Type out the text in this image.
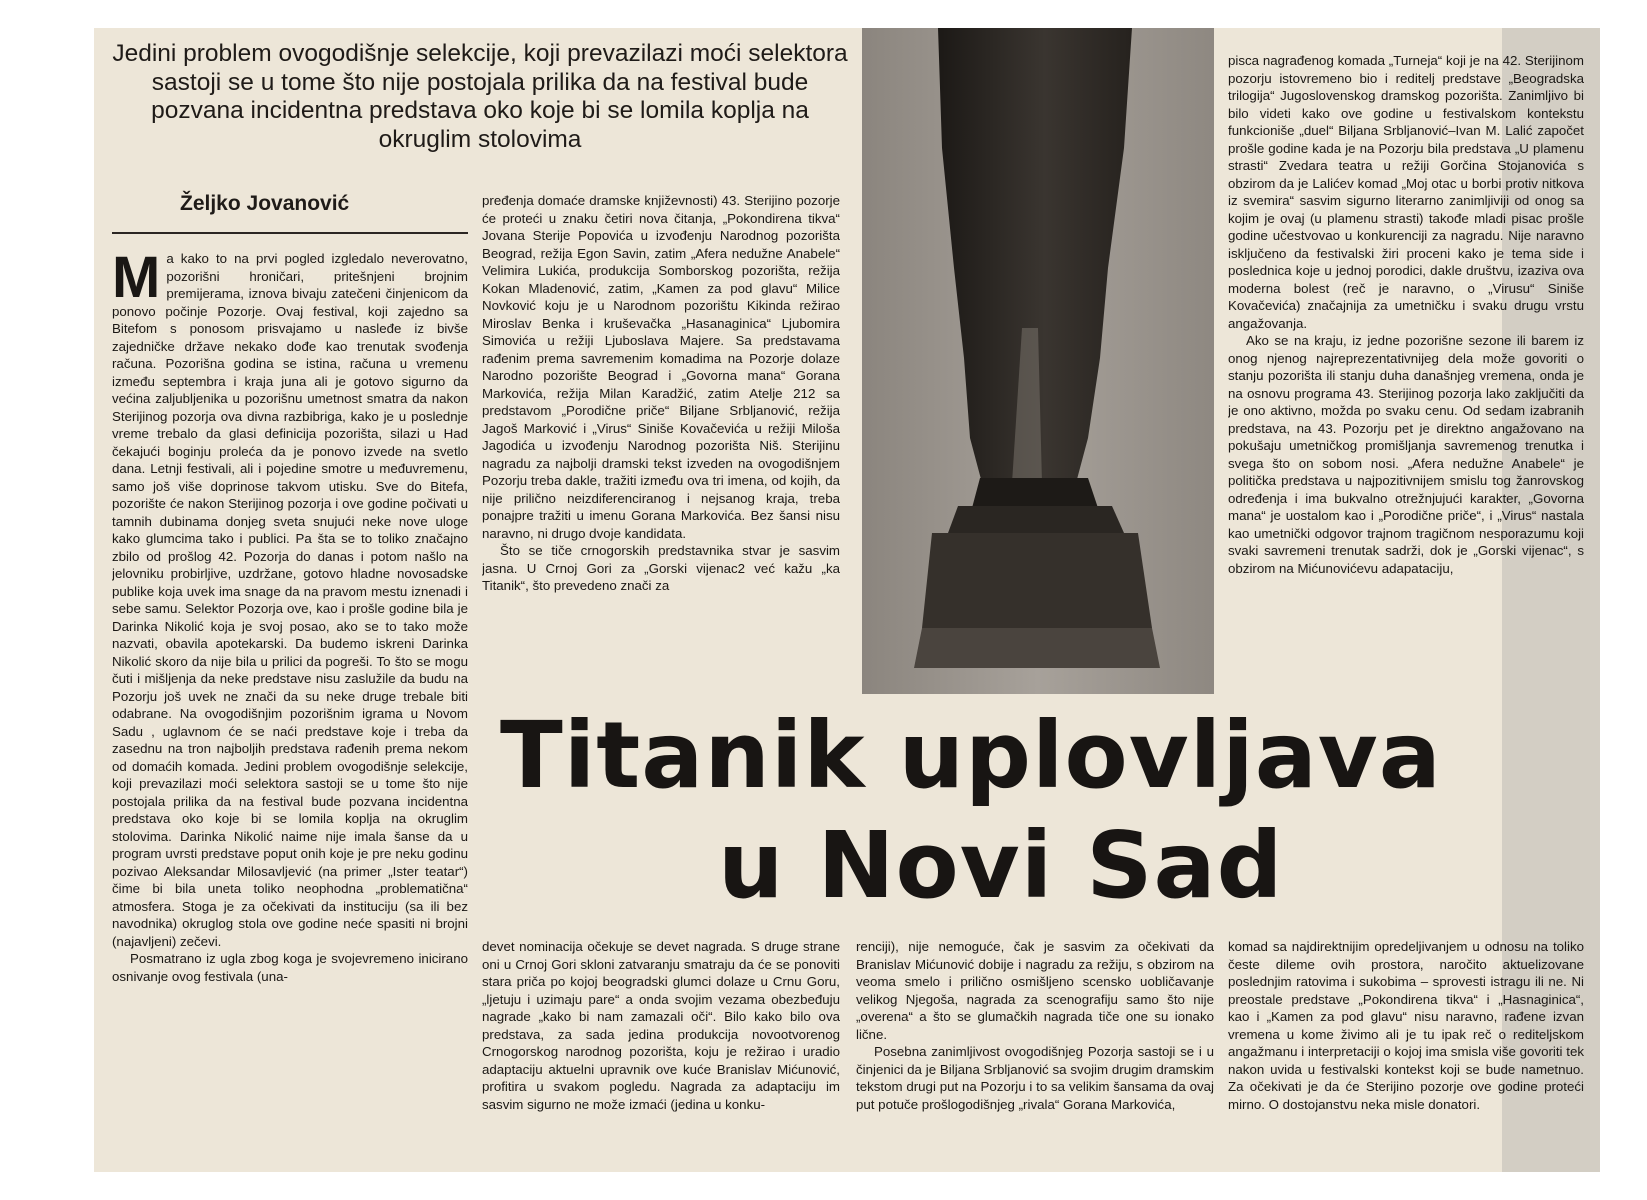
Jedini problem ovogodišnje selekcije, koji prevazilazi moći selektora sastoji se u tome što nije postojala prilika da na festival bude pozvana incidentna predstava oko koje bi se lomila koplja na okruglim stolovima
Željko Jovanović

Ma kako to na prvi pogled izgledalo neverovatno, pozorišni hroničari, pritešnjeni brojnim premijerama, iznova bivaju zatečeni činjenicom da ponovo počinje Pozorje. Ovaj festival, koji zajedno sa Bitefom s ponosom prisvajamo u nasleđe iz bivše zajedničke države nekako dođe kao trenutak svođenja računa. Pozorišna godina se istina, računa u vremenu između septembra i kraja juna ali je gotovo sigurno da većina zaljubljenika u pozorišnu umetnost smatra da nakon Sterijinog pozorja ova divna razbibriga, kako je u poslednje vreme trebalo da glasi definicija pozorišta, silazi u Had čekajući boginju proleća da je ponovo izvede na svetlo dana. Letnji festivali, ali i pojedine smotre u međuvremenu, samo još više doprinose takvom utisku. Sve do Bitefa, pozorište će nakon Sterijinog pozorja i ove godine počivati u tamnih dubinama donjeg sveta snujući neke nove uloge kako glumcima tako i publici. Pa šta se to toliko značajno zbilo od prošlog 42. Pozorja do danas i potom našlo na jelovniku probirljive, uzdržane, gotovo hladne novosadske publike koja uvek ima snage da na pravom mestu iznenadi i sebe samu. Selektor Pozorja ove, kao i prošle godine bila je Darinka Nikolić koja je svoj posao, ako se to tako može nazvati, obavila apotekarski. Da budemo iskreni Darinka Nikolić skoro da nije bila u prilici da pogreši. To što se mogu čuti i mišljenja da neke predstave nisu zaslužile da budu na Pozorju još uvek ne znači da su neke druge trebale biti odabrane. Na ovogodišnjim pozorišnim igrama u Novom Sadu , uglavnom će se naći predstave koje i treba da zasednu na tron najboljih predstava rađenih prema nekom od domaćih komada. Jedini problem ovogodišnje selekcije, koji prevazilazi moći selektora sastoji se u tome što nije postojala prilika da na festival bude pozvana incidentna predstava oko koje bi se lomila koplja na okruglim stolovima. Darinka Nikolić naime nije imala šanse da u program uvrsti predstave poput onih koje je pre neku godinu pozivao Aleksandar Milosavljević (na primer „Ister teatar“) čime bi bila uneta toliko neophodna „problematična“ atmosfera. Stoga je za očekivati da instituciju (sa ili bez navodnika) okruglog stola ove godine neće spasiti ni brojni (najavljeni) zečevi.

Posmatrano iz ugla zbog koga je svojevremeno inicirano osnivanje ovog festivala (una-

pređenja domaće dramske književnosti) 43. Sterijino pozorje će proteći u znaku četiri nova čitanja, „Pokondirena tikva“ Jovana Sterije Popovića u izvođenju Narodnog pozorišta Beograd, režija Egon Savin, zatim „Afera nedužne Anabele“ Velimira Lukića, produkcija Somborskog pozorišta, režija Kokan Mladenović, zatim, „Kamen za pod glavu“ Milice Novković koju je u Narodnom pozorištu Kikinda režirao Miroslav Benka i kruševačka „Hasanaginica“ Ljubomira Simovića u režiji Ljuboslava Majere. Sa predstavama rađenim prema savremenim komadima na Pozorje dolaze Narodno pozorište Beograd i „Govorna mana“ Gorana Markovića, režija Milan Karadžić, zatim Atelje 212 sa predstavom „Porodične priče“ Biljane Srbljanović, režija Jagoš Marković i „Virus“ Siniše Kovačevića u režiji Miloša Jagodića u izvođenju Narodnog pozorišta Niš. Sterijinu nagradu za najbolji dramski tekst izveden na ovogodišnjem Pozorju treba dakle, tražiti između ova tri imena, od kojih, da nije prilično neizdiferenciranog i nejsanog kraja, treba ponajpre tražiti u imenu Gorana Markovića. Bez šansi nisu naravno, ni drugo dvoje kandidata.

Što se tiče crnogorskih predstavnika stvar je sasvim jasna. U Crnoj Gori za „Gorski vijenac2 već kažu „ka Titanik“, što prevedeno znači za

pisca nagrađenog komada „Turneja“ koji je na 42. Sterijinom pozorju istovremeno bio i reditelj predstave „Beogradska trilogija“ Jugoslovenskog dramskog pozorišta. Zanimljivo bi bilo videti kako ove godine u festivalskom kontekstu funkcioniše „duel“ Biljana Srbljanović–Ivan M. Lalić započet prošle godine kada je na Pozorju bila predstava „U plamenu strasti“ Zvedara teatra u režiji Gorčina Stojanovića s obzirom da je Lalićev komad „Moj otac u borbi protiv nitkova iz svemira“ sasvim sigurno literarno zanimljiviji od onog sa kojim je ovaj (u plamenu strasti) takođe mladi pisac prošle godine učestvovao u konkurenciji za nagradu. Nije naravno isključeno da festivalski žiri proceni kako je tema side i poslednica koje u jednoj porodici, dakle društvu, izaziva ova moderna bolest (reč je naravno, o „Virusu“ Siniše Kovačevića) značajnija za umetničku i svaku drugu vrstu angažovanja.

Ako se na kraju, iz jedne pozorišne sezone ili barem iz onog njenog najreprezentativnijeg dela može govoriti o stanju pozorišta ili stanju duha današnjeg vremena, onda je na osnovu programa 43. Sterijinog pozorja lako zaključiti da je ono aktivno, možda po svaku cenu. Od sedam izabranih predstava, na 43. Pozorju pet je direktno angažovano na pokušaju umetničkog promišljanja savremenog trenutka i svega što on sobom nosi. „Afera nedužne Anabele“ je politička predstava u najpozitivnijem smislu tog žanrovskog određenja i ima bukvalno otrežnjujući karakter, „Govorna mana“ je uostalom kao i „Porodične priče“, i „Virus“ nastala kao umetnički odgovor trajnom tragičnom nesporazumu koji svaki savremeni trenutak sadrži, dok je „Gorski vijenac“, s obzirom na Mićunovićevu adapataciju,

Titanik uplovljava
u Novi Sad

devet nominacija očekuje se devet nagrada. S druge strane oni u Crnoj Gori skloni zatvaranju smatraju da će se ponoviti stara priča po kojoj beogradski glumci dolaze u Crnu Goru, „ljetuju i uzimaju pare“ a onda svojim vezama obezbeđuju nagrade „kako bi nam zamazali oči“. Bilo kako bilo ova predstava, za sada jedina produkcija novootvorenog Crnogorskog narodnog pozorišta, koju je režirao i uradio adaptaciju aktuelni upravnik ove kuće Branislav Mićunović, profitira u svakom pogledu. Nagrada za adaptaciju im sasvim sigurno ne može izmaći (jedina u konku-

renciji), nije nemoguće, čak je sasvim za očekivati da Branislav Mićunović dobije i nagradu za režiju, s obzirom na veoma smelo i prilično osmišljeno scensko uobličavanje velikog Njegoša, nagrada za scenografiju samo što nije „overena“ a što se glumačkih nagrada tiče one su ionako lične.

Posebna zanimljivost ovogodišnjeg Pozorja sastoji se i u činjenici da je Biljana Srbljanović sa svojim drugim dramskim tekstom drugi put na Pozorju i to sa velikim šansama da ovaj put potuče prošlogodišnjeg „rivala“ Gorana Markovića,

komad sa najdirektnijim opredeljivanjem u odnosu na toliko česte dileme ovih prostora, naročito aktuelizovane poslednjim ratovima i sukobima – sprovesti istragu ili ne. Ni preostale predstave „Pokondirena tikva“ i „Hasnaginica“, kao i „Kamen za pod glavu“ nisu naravno, rađene izvan vremena u kome živimo ali je tu ipak reč o rediteljskom angažmanu i interpretaciji o kojoj ima smisla više govoriti tek nakon uvida u festivalski kontekst koji se bude nametnuo. Za očekivati je da će Sterijino pozorje ove godine proteći mirno. O dostojanstvu neka misle donatori.
